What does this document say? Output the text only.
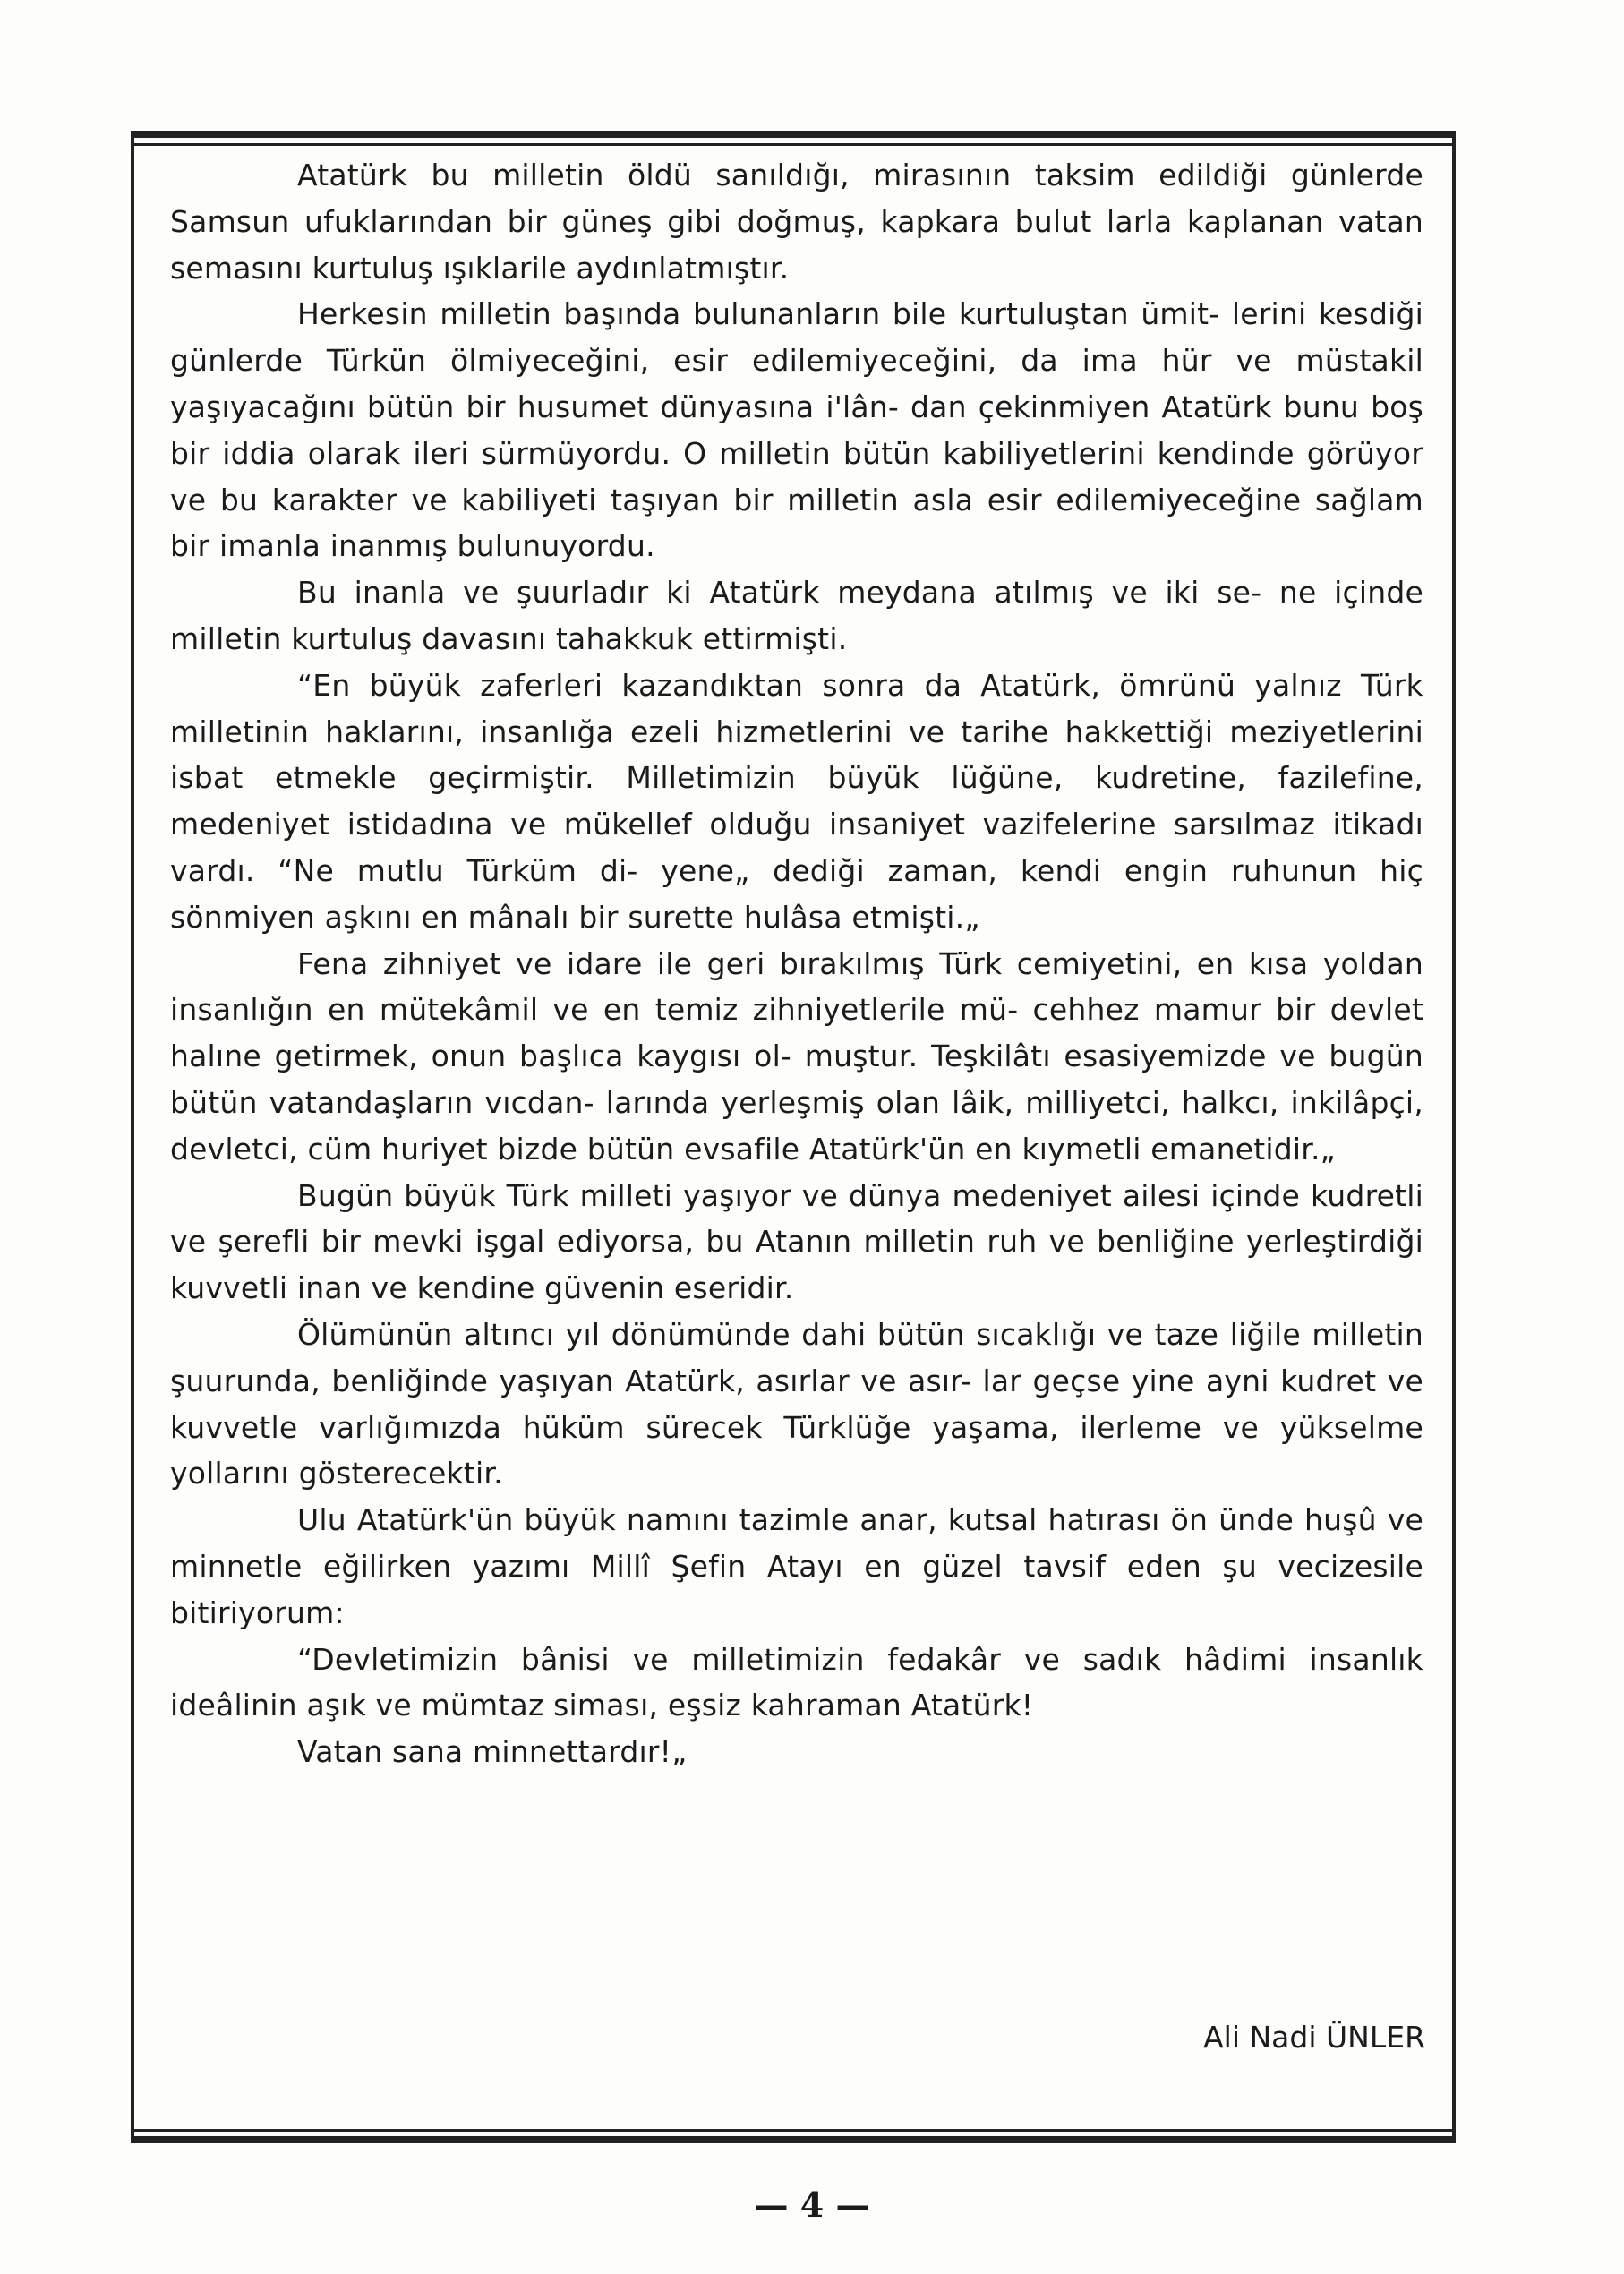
Atatürk bu milletin öldü sanıldığı, mirasının taksim edildiği günlerde Samsun ufuklarından bir güneş gibi doğmuş, kapkara bulut larla kaplanan vatan semasını kurtuluş ışıklarile aydınlatmıştır.

Herkesin milletin başında bulunanların bile kurtuluştan ümit- lerini kesdiği günlerde Türkün ölmiyeceğini, esir edilemiyeceğini, da ima hür ve müstakil yaşıyacağını bütün bir husumet dünyasına i'lân- dan çekinmiyen Atatürk bunu boş bir iddia olarak ileri sürmüyordu. O milletin bütün kabiliyetlerini kendinde görüyor ve bu karakter ve kabiliyeti taşıyan bir milletin asla esir edilemiyeceğine sağlam bir imanla inanmış bulunuyordu.

Bu inanla ve şuurladır ki Atatürk meydana atılmış ve iki se- ne içinde milletin kurtuluş davasını tahakkuk ettirmişti.

“En büyük zaferleri kazandıktan sonra da Atatürk, ömrünü yalnız Türk milletinin haklarını, insanlığa ezeli hizmetlerini ve tarihe hakkettiği meziyetlerini isbat etmekle geçirmiştir. Milletimizin büyük lüğüne, kudretine, fazilefine, medeniyet istidadına ve mükellef olduğu insaniyet vazifelerine sarsılmaz itikadı vardı. “Ne mutlu Türküm di- yene„ dediği zaman, kendi engin ruhunun hiç sönmiyen aşkını en mânalı bir surette hulâsa etmişti.„

Fena zihniyet ve idare ile geri bırakılmış Türk cemiyetini, en kısa yoldan insanlığın en mütekâmil ve en temiz zihniyetlerile mü- cehhez mamur bir devlet halıne getirmek, onun başlıca kaygısı ol- muştur. Teşkilâtı esasiyemizde ve bugün bütün vatandaşların vıcdan- larında yerleşmiş olan lâik, milliyetci, halkcı, inkilâpçi, devletci, cüm huriyet bizde bütün evsafile Atatürk'ün en kıymetli emanetidir.„

Bugün büyük Türk milleti yaşıyor ve dünya medeniyet ailesi içinde kudretli ve şerefli bir mevki işgal ediyorsa, bu Atanın milletin ruh ve benliğine yerleştirdiği kuvvetli inan ve kendine güvenin eseridir.

Ölümünün altıncı yıl dönümünde dahi bütün sıcaklığı ve taze liğile milletin şuurunda, benliğinde yaşıyan Atatürk, asırlar ve asır- lar geçse yine ayni kudret ve kuvvetle varlığımızda hüküm sürecek Türklüğe yaşama, ilerleme ve yükselme yollarını gösterecektir.

Ulu Atatürk'ün büyük namını tazimle anar, kutsal hatırası ön ünde huşû ve minnetle eğilirken yazımı Millî Şefin Atayı en güzel tavsif eden şu vecizesile bitiriyorum:

“Devletimizin bânisi ve milletimizin fedakâr ve sadık hâdimi insanlık ideâlinin aşık ve mümtaz siması, eşsiz kahraman Atatürk!

Vatan sana minnettardır!„

Ali Nadi ÜNLER
— 4 —
